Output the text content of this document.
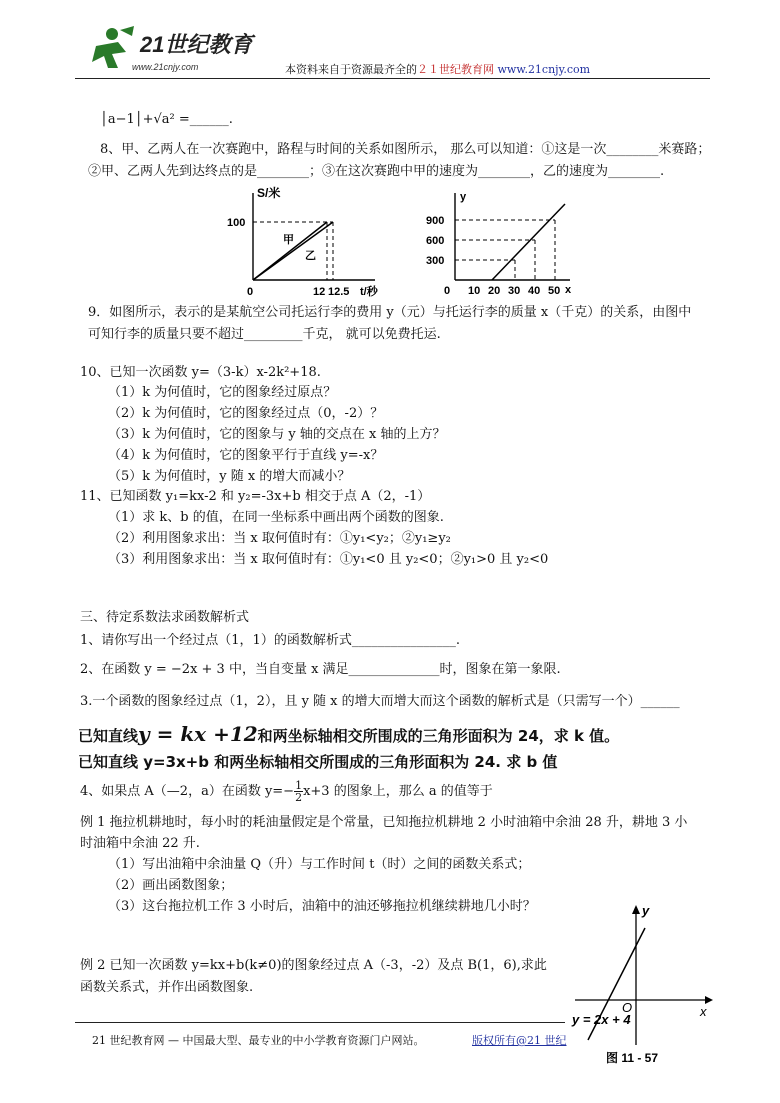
21世纪教育
www.21cnjy.com	本资料来自于资源最齐全的２１世纪教育网 www.21cnjy.com
│a−1│+√a² =______.
8、甲、乙两人在一次赛跑中，路程与时间的关系如图所示， 那么可以知道：①这是一次________米赛路；
②甲、乙两人先到达终点的是________；③在这次赛跑中甲的速度为________，乙的速度为________.
S/米
t/秒
100
0	12 12.5
甲
乙
y
x
900
600
300
0 10 20 30 40 50
9．如图所示，表示的是某航空公司托运行李的费用 y（元）与托运行李的质量 x（千克）的关系，由图中
可知行李的质量只要不超过_________千克， 就可以免费托运.
10、已知一次函数 y=（3-k）x-2k²+18.
（1）k 为何值时，它的图象经过原点？
（2）k 为何值时，它的图象经过点（0，-2）？
（3）k 为何值时，它的图象与 y 轴的交点在 x 轴的上方？
（4）k 为何值时，它的图象平行于直线 y=-x？
（5）k 为何值时，y 随 x 的增大而减小？
11、已知函数 y₁=kx-2 和 y₂=-3x+b 相交于点 A（2，-1）
（1）求 k、b 的值，在同一坐标系中画出两个函数的图象.
（2）利用图象求出：当 x 取何值时有：①y₁<y₂；②y₁≥y₂
（3）利用图象求出：当 x 取何值时有：①y₁<0 且 y₂<0；②y₁>0 且 y₂<0
三、待定系数法求函数解析式
1、请你写出一个经过点（1，1）的函数解析式________________.
2、在函数 y = −2x + 3 中，当自变量 x 满足______________时，图象在第一象限.
3.一个函数的图象经过点（1，2），且 y 随 x 的增大而增大而这个函数的解析式是（只需写一个）______
已知直线y = kx +12和两坐标轴相交所围成的三角形面积为 24，求 k 值。
已知直线 y=3x+b 和两坐标轴相交所围成的三角形面积为 24. 求 b 值
4、如果点 A（—2，a）在函数 $y=- \frac{1}{2} x+3$ 的图象上，那么 a 的值等于
例 1 拖拉机耕地时，每小时的耗油量假定是个常量，已知拖拉机耕地 2 小时油箱中余油 28 升，耕地 3 小
时油箱中余油 22 升.
（1）写出油箱中余油量 Q（升）与工作时间 t（时）之间的函数关系式；
（2）画出函数图象；
（3）这台拖拉机工作 3 小时后，油箱中的油还够拖拉机继续耕地几小时？
例 2 已知一次函数 y=kx+b(k≠0)的图象经过点 A（-3，-2）及点 B(1，6),求此
函数关系式，并作出函数图象.
y
x
O
y = 2x + 4
图 11 - 57
21 世纪教育网 — 中国最大型、最专业的中小学教育资源门户网站。	版权所有@21 世纪
